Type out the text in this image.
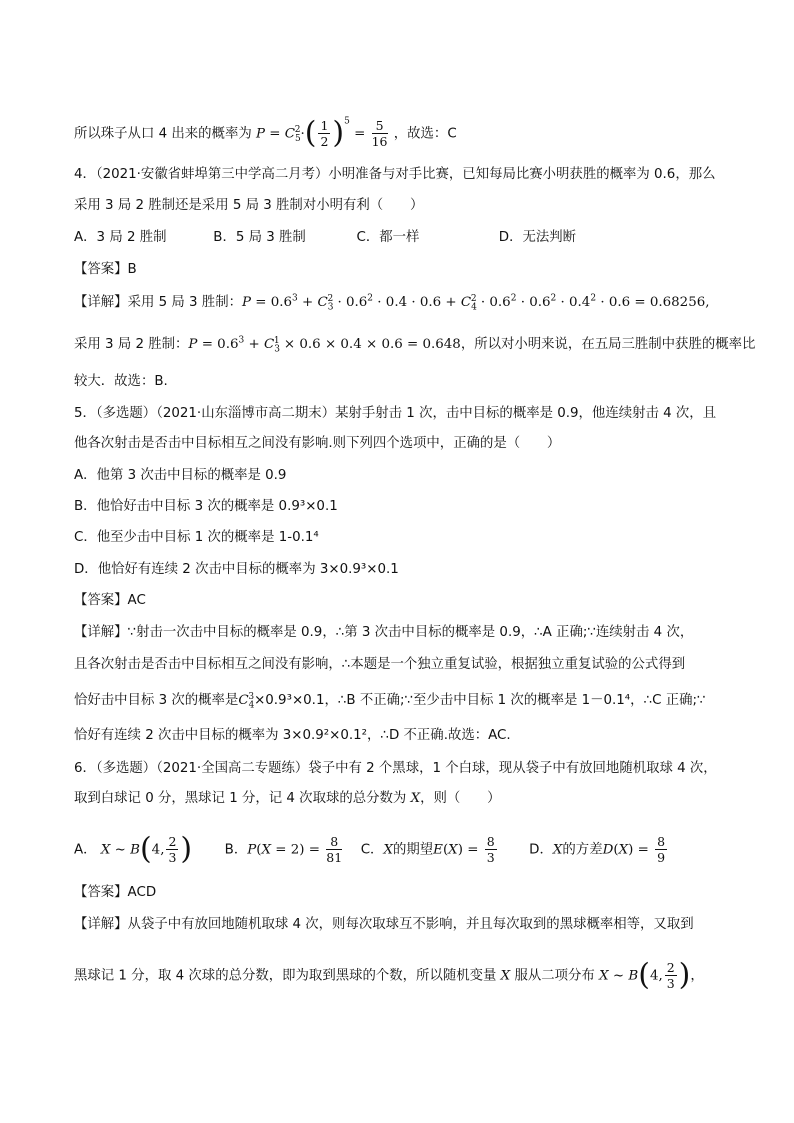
所以珠子从口 4 出来的概率为 $P = C_5^2\cdot( \frac{1}{2} )^5 = \frac{5}{16}$ ，故选：C
4．（2021·安徽省蚌埠第三中学高二月考）小明准备与对手比赛，已知每局比赛小明获胜的概率为 0.6，那么
采用 3 局 2 胜制还是采用 5 局 3 胜制对小明有利（　　）
A．3 局 2 胜制	B．5 局 3 胜制	C．都一样	D．无法判断
【答案】B
【详解】采用 5 局 3 胜制：$P = 0.6^3 + C_3^2 \cdot 0.6^2 \cdot 0.4 \cdot 0.6 + C_4^2 \cdot 0.6^2 \cdot 0.6^2 \cdot 0.4^2 \cdot 0.6 = 0.68256$,
采用 3 局 2 胜制：$P = 0.6^3 + C_3^1 \times 0.6 \times 0.4 \times 0.6 = 0.648$，所以对小明来说，在五局三胜制中获胜的概率比
较大．故选：B.
5．（多选题）（2021·山东淄博市高二期末）某射手射击 1 次，击中目标的概率是 0.9，他连续射击 4 次，且
他各次射击是否击中目标相互之间没有影响.则下列四个选项中，正确的是（　　）
A．他第 3 次击中目标的概率是 0.9
B．他恰好击中目标 3 次的概率是 0.9³×0.1
C．他至少击中目标 1 次的概率是 1-0.1⁴
D．他恰好有连续 2 次击中目标的概率为 3×0.9³×0.1
【答案】AC
【详解】∵射击一次击中目标的概率是 0.9，∴第 3 次击中目标的概率是 0.9，∴A 正确;∵连续射击 4 次，
且各次射击是否击中目标相互之间没有影响，∴本题是一个独立重复试验，根据独立重复试验的公式得到
恰好击中目标 3 次的概率是$C_4^3\times 0.9^3\times 0.1$，∴B 不正确;∵至少击中目标 1 次的概率是 1－0.1⁴，∴C 正确;∵
恰好有连续 2 次击中目标的概率为 3×0.9²×0.1²，∴D 不正确.故选：AC.
6．（多选题）（2021·全国高二专题练）袋子中有 2 个黑球，1 个白球，现从袋子中有放回地随机取球 4 次，
取到白球记 0 分，黑球记 1 分，记 4 次取球的总分数为 X，则（　　）
A． X ~ B(4, $\frac{2}{3}$ ) B．$P(X = 2) = \frac{8}{81}$ C．X的期望$E(X) = \frac{8}{3}$ D．X的方差$D(X) = \frac{8}{9}$
【答案】ACD
【详解】从袋子中有放回地随机取球 4 次，则每次取球互不影响，并且每次取到的黑球概率相等，又取到
黑球记 1 分，取 4 次球的总分数，即为取到黑球的个数，所以随机变量 X 服从二项分布 X ~ B(4, $\frac{2}{3}$ )，
